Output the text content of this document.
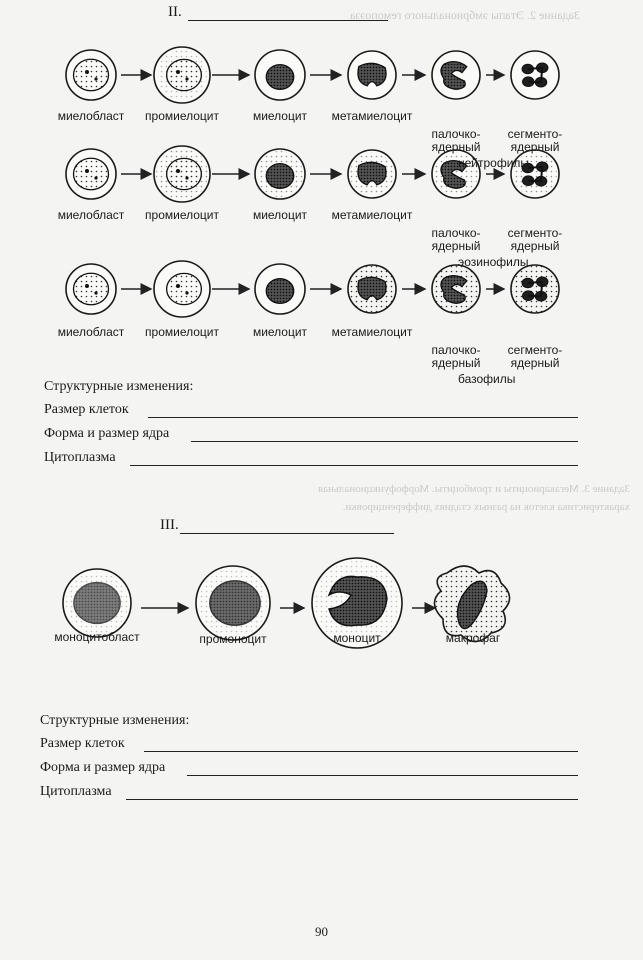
Задание 2. Этапы эмбрионального гемопоэза
Задание 3. Мегакариоциты и тромбоциты. Морфофункциональная характеристика клеток на разных стадиях дифференцировки.
II.
миелобласт	промиелоцит	миелоцит	метамиелоцит
палочко-
ядерный
сегменто-
ядерный
нейтрофилы
миелобласт	промиелоцит	миелоцит	метамиелоцит
палочко-
ядерный
сегменто-
ядерный
эозинофилы
миелобласт	промиелоцит	миелоцит	метамиелоцит
палочко-
ядерный
сегменто-
ядерный
базофилы
моноцитобласт	промоноцит	моноцит	макрофаг
Структурные изменения:
Размер клеток
Форма и размер ядра
Цитоплазма
III.
Структурные изменения:
Размер клеток
Форма и размер ядра
Цитоплазма
90
